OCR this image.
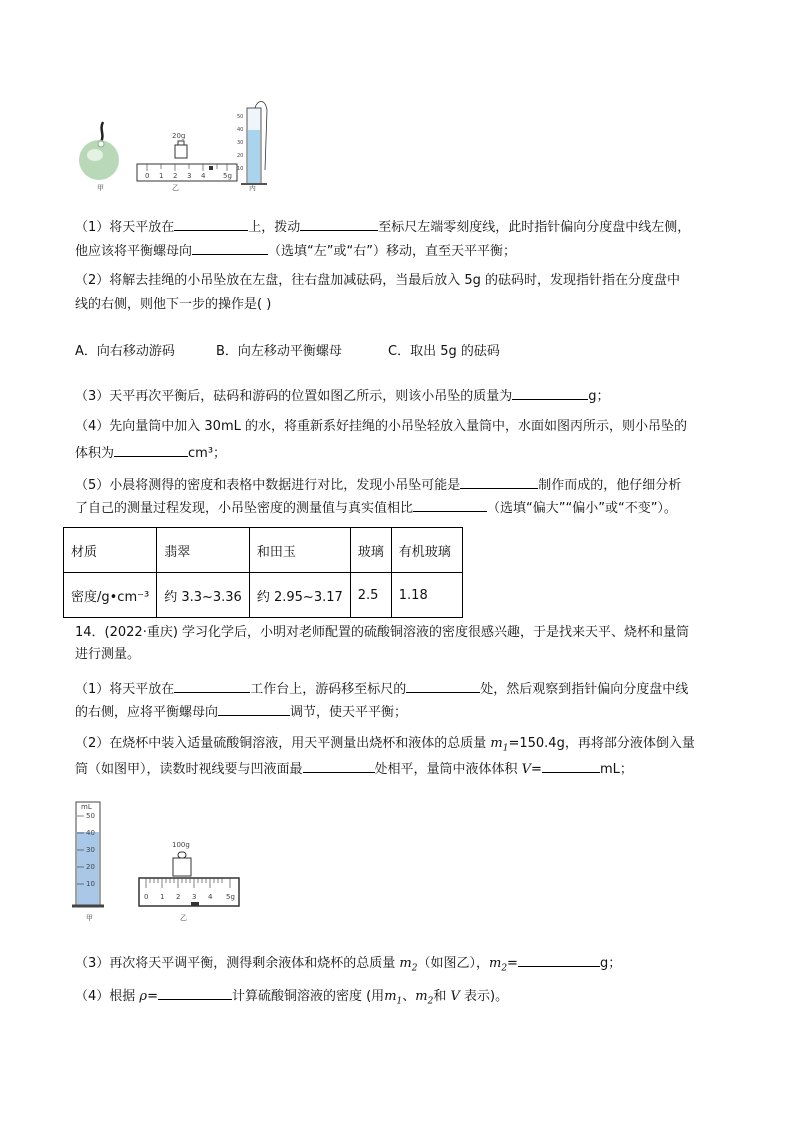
甲
20g
0 1 2 3 4	5g
乙
50
40
30
20
10
丙
（1）将天平放在	上，拨动	至标尺左端零刻度线，此时指针偏向分度盘中线左侧，
他应该将平衡螺母向	（选填“左”或“右”）移动，直至天平平衡；
（2）将解去挂绳的小吊坠放在左盘，往右盘加减砝码，当最后放入 5g 的砝码时，发现指针指在分度盘中
线的右侧，则他下一步的操作是( )
A．向右移动游码	B．向左移动平衡螺母	C．取出 5g 的砝码
（3）天平再次平衡后，砝码和游码的位置如图乙所示，则该小吊坠的质量为	g；
（4）先向量筒中加入 30mL 的水，将重新系好挂绳的小吊坠轻放入量筒中，水面如图丙所示，则小吊坠的
体积为	cm³；
（5）小晨将测得的密度和表格中数据进行对比，发现小吊坠可能是	制作而成的，他仔细分析
了自己的测量过程发现，小吊坠密度的测量值与真实值相比	（选填“偏大”“偏小”或“不变”）。
材质	翡翠	和田玉	玻璃	有机玻璃
密度/g•cm⁻³	约 3.3~3.36	约 2.95~3.17	2.5	1.18
14．(2022·重庆) 学习化学后，小明对老师配置的硫酸铜溶液的密度很感兴趣，于是找来天平、烧杯和量筒
进行测量。
（1）将天平放在	工作台上，游码移至标尺的	处，然后观察到指针偏向分度盘中线
的右侧，应将平衡螺母向	调节，使天平平衡；
（2）在烧杯中装入适量硫酸铜溶液，用天平测量出烧杯和液体的总质量 $m_1=150.4g$，再将部分液体倒入量
筒（如图甲），读数时视线要与凹液面最	处相平，量筒中液体体积 V=	mL；
mL
50
40
30
20
10
甲
100g
0 1 2 3 4 5g
乙
（3）再次将天平调平衡，测得剩余液体和烧杯的总质量 $m_2$（如图乙），$m_2=$	g；
（4）根据 ρ=	计算硫酸铜溶液的密度 (用$m_1$、$m_2$和 V 表示)。
